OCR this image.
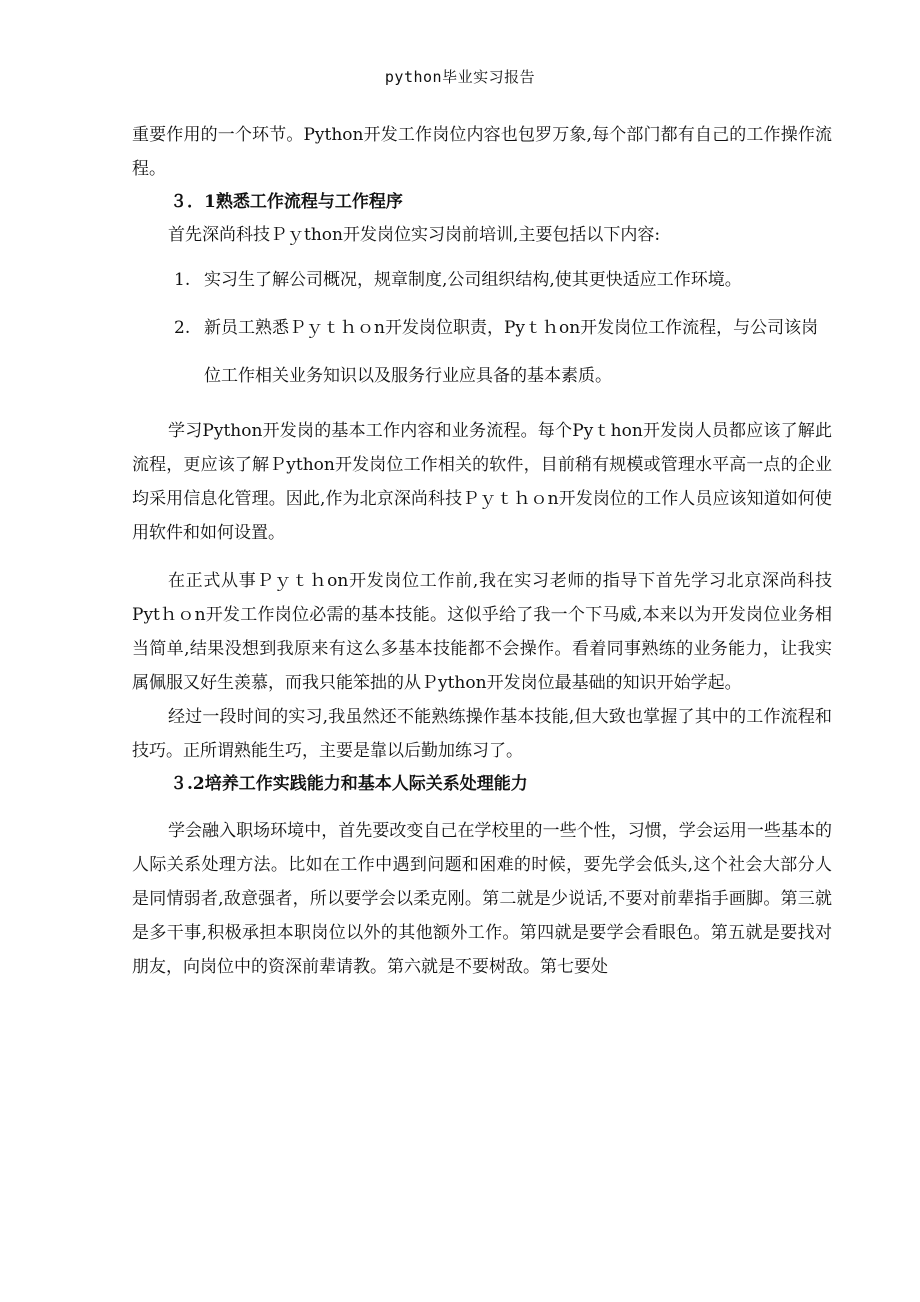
python毕业实习报告

重要作用的一个环节。Python开发工作岗位内容也包罗万象,每个部门都有自己的工作操作流程。

３．1熟悉工作流程与工作程序

首先深尚科技Ｐｙthon开发岗位实习岗前培训,主要包括以下内容:

1. 实习生了解公司概况，规章制度,公司组织结构,使其更快适应工作环境。
2. 新员工熟悉Ｐｙｔｈｏn开发岗位职责，Pyｔｈon开发岗位工作流程，与公司该岗位工作相关业务知识以及服务行业应具备的基本素质。

学习Python开发岗的基本工作内容和业务流程。每个Pyｔhon开发岗人员都应该了解此流程，更应该了解Ｐython开发岗位工作相关的软件，目前稍有规模或管理水平高一点的企业均采用信息化管理。因此,作为北京深尚科技Ｐｙｔｈｏn开发岗位的工作人员应该知道如何使用软件和如何设置。

在正式从事Ｐｙｔｈon开发岗位工作前,我在实习老师的指导下首先学习北京深尚科技Pytｈｏn开发工作岗位必需的基本技能。这似乎给了我一个下马威,本来以为开发岗位业务相当简单,结果没想到我原来有这么多基本技能都不会操作。看着同事熟练的业务能力，让我实属佩服又好生羡慕，而我只能笨拙的从Ｐython开发岗位最基础的知识开始学起。

经过一段时间的实习,我虽然还不能熟练操作基本技能,但大致也掌握了其中的工作流程和技巧。正所谓熟能生巧，主要是靠以后勤加练习了。

３.2培养工作实践能力和基本人际关系处理能力

学会融入职场环境中，首先要改变自己在学校里的一些个性，习惯，学会运用一些基本的人际关系处理方法。比如在工作中遇到问题和困难的时候，要先学会低头,这个社会大部分人是同情弱者,敌意强者，所以要学会以柔克刚。第二就是少说话,不要对前辈指手画脚。第三就是多干事,积极承担本职岗位以外的其他额外工作。第四就是要学会看眼色。第五就是要找对朋友，向岗位中的资深前辈请教。第六就是不要树敌。第七要处
